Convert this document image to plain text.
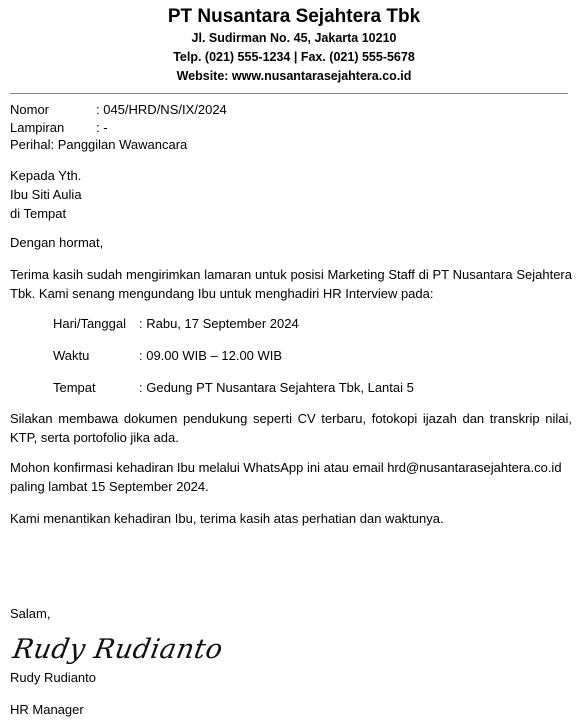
PT Nusantara Sejahtera Tbk
Jl. Sudirman No. 45, Jakarta 10210
Telp. (021) 555-1234 | Fax. (021) 555-5678
Website: www.nusantarasejahtera.co.id
Nomor	: 045/HRD/NS/IX/2024
Lampiran : -
Perihal: Panggilan Wawancara
Kepada Yth.
Ibu Siti Aulia
di Tempat
Dengan hormat,
Terima kasih sudah mengirimkan lamaran untuk posisi Marketing Staff di PT Nusantara Sejahtera Tbk. Kami senang mengundang Ibu untuk menghadiri HR Interview pada:
Hari/Tanggal : Rabu, 17 September 2024
Waktu	: 09.00 WIB – 12.00 WIB
Tempat	: Gedung PT Nusantara Sejahtera Tbk, Lantai 5
Silakan membawa dokumen pendukung seperti CV terbaru, fotokopi ijazah dan transkrip nilai, KTP, serta portofolio jika ada.
Mohon konfirmasi kehadiran Ibu melalui WhatsApp ini atau email hrd@nusantarasejahtera.co.id
paling lambat 15 September 2024.
Kami menantikan kehadiran Ibu, terima kasih atas perhatian dan waktunya.
Salam,
Rudy Rudianto
Rudy Rudianto
HR Manager
